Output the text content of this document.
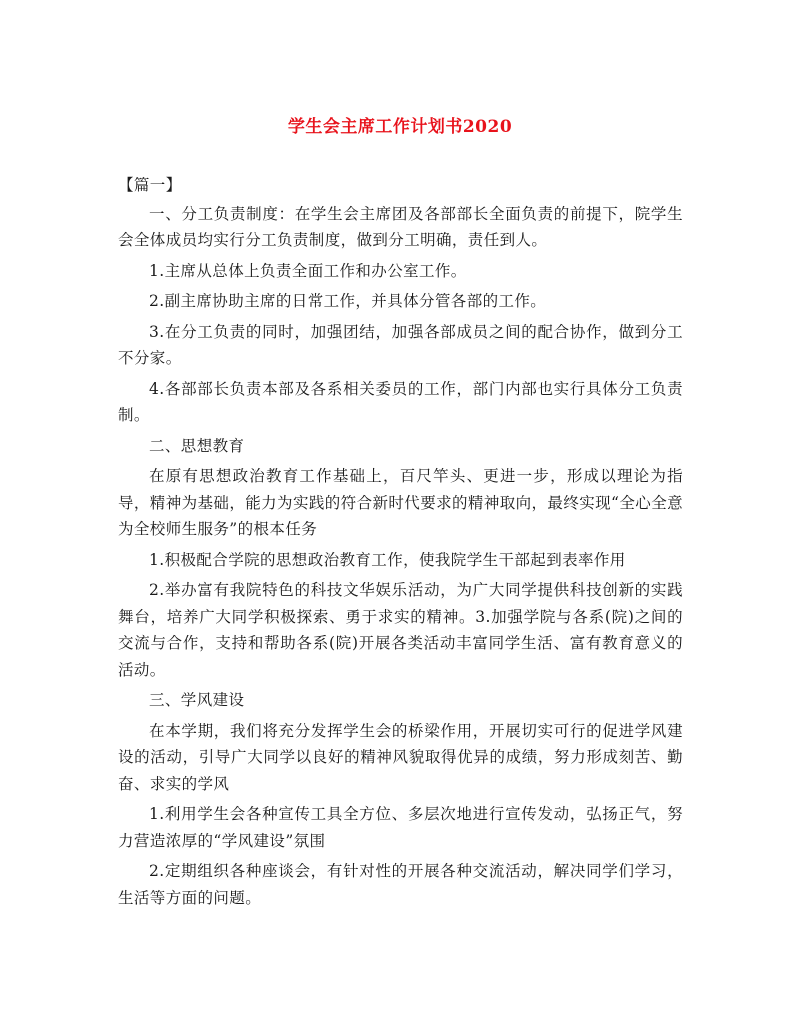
学生会主席工作计划书2020

【篇一】

一、分工负责制度：在学生会主席团及各部部长全面负责的前提下，院学生会全体成员均实行分工负责制度，做到分工明确，责任到人。

1.主席从总体上负责全面工作和办公室工作。

2.副主席协助主席的日常工作，并具体分管各部的工作。

3.在分工负责的同时，加强团结，加强各部成员之间的配合协作，做到分工不分家。

4.各部部长负责本部及各系相关委员的工作，部门内部也实行具体分工负责制。

二、思想教育

在原有思想政治教育工作基础上，百尺竿头、更进一步，形成以理论为指导，精神为基础，能力为实践的符合新时代要求的精神取向，最终实现“全心全意为全校师生服务”的根本任务

1.积极配合学院的思想政治教育工作，使我院学生干部起到表率作用

2.举办富有我院特色的科技文华娱乐活动，为广大同学提供科技创新的实践舞台，培养广大同学积极探索、勇于求实的精神。3.加强学院与各系(院)之间的交流与合作，支持和帮助各系(院)开展各类活动丰富同学生活、富有教育意义的活动。

三、学风建设

在本学期，我们将充分发挥学生会的桥梁作用，开展切实可行的促进学风建设的活动，引导广大同学以良好的精神风貌取得优异的成绩，努力形成刻苦、勤奋、求实的学风

1.利用学生会各种宣传工具全方位、多层次地进行宣传发动，弘扬正气，努力营造浓厚的“学风建设”氛围

2.定期组织各种座谈会，有针对性的开展各种交流活动，解决同学们学习，生活等方面的问题。
